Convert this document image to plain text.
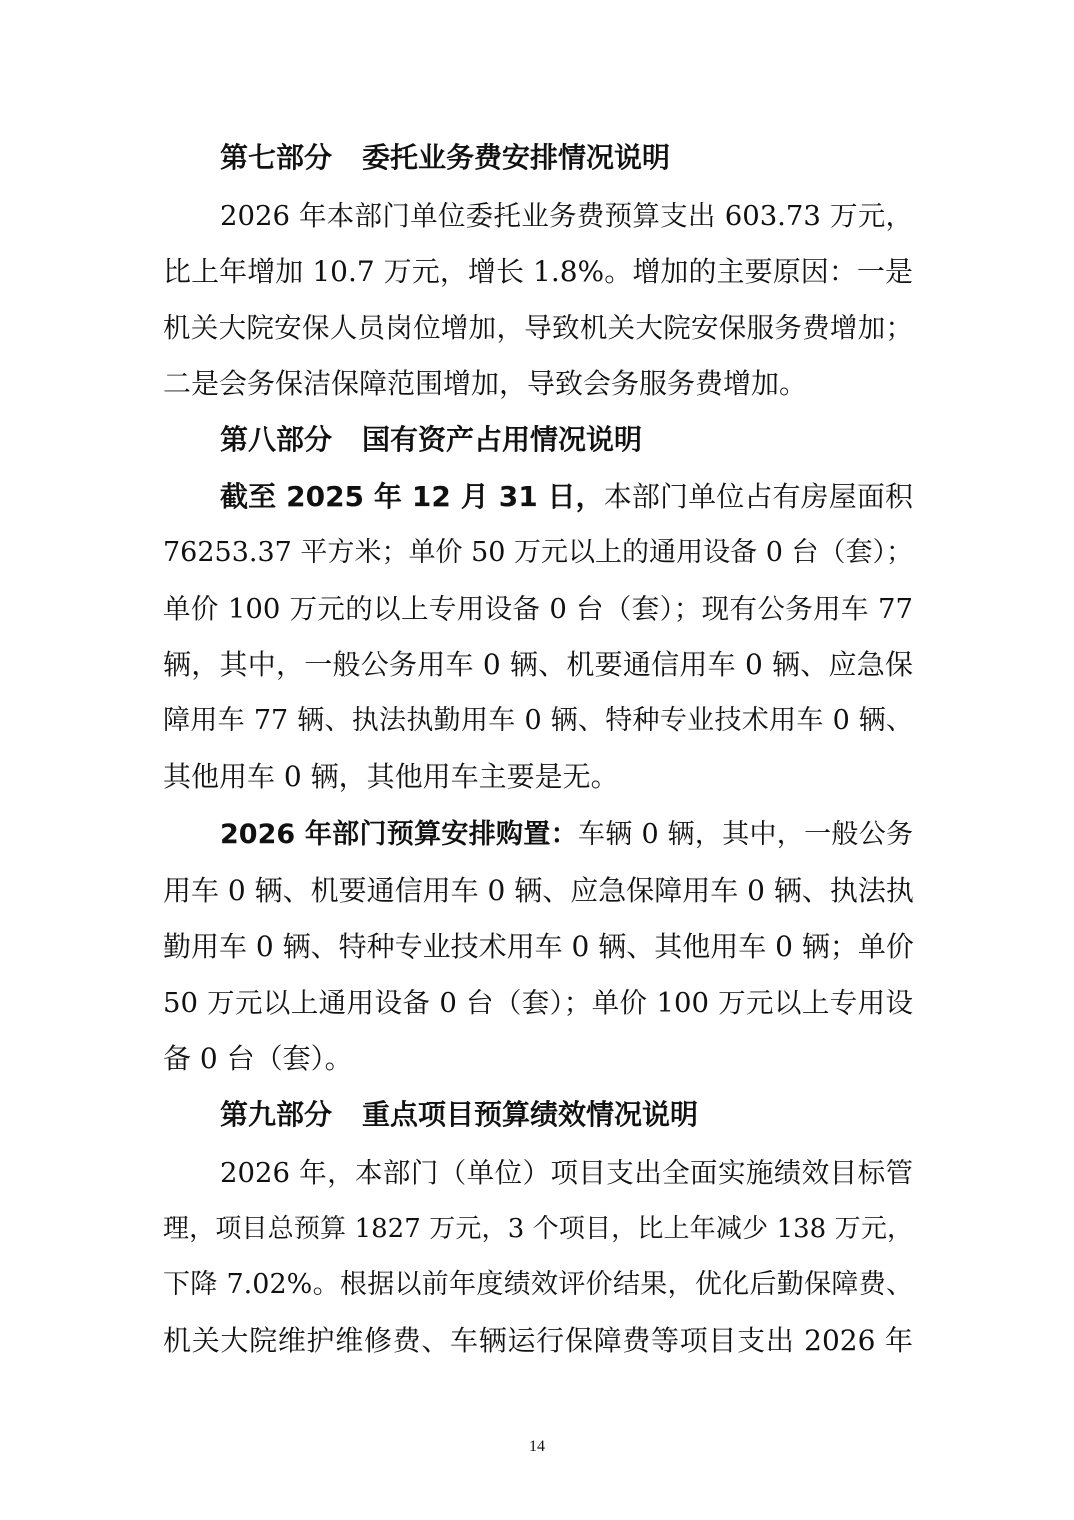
第七部分 委托业务费安排情况说明
2026 年本部门单位委托业务费预算支出 603.73 万元，
比上年增加 10.7 万元，增长 1.8%。增加的主要原因：一是
机关大院安保人员岗位增加，导致机关大院安保服务费增加；
二是会务保洁保障范围增加，导致会务服务费增加。
第八部分 国有资产占用情况说明
截至 2025 年 12 月 31 日，本部门单位占有房屋面积
76253.37 平方米；单价 50 万元以上的通用设备 0 台（套）；
单价 100 万元的以上专用设备 0 台（套）；现有公务用车 77
辆，其中，一般公务用车 0 辆、机要通信用车 0 辆、应急保
障用车 77 辆、执法执勤用车 0 辆、特种专业技术用车 0 辆、
其他用车 0 辆，其他用车主要是无。
2026 年部门预算安排购置：车辆 0 辆，其中，一般公务
用车 0 辆、机要通信用车 0 辆、应急保障用车 0 辆、执法执
勤用车 0 辆、特种专业技术用车 0 辆、其他用车 0 辆；单价
50 万元以上通用设备 0 台（套）；单价 100 万元以上专用设
备 0 台（套）。
第九部分 重点项目预算绩效情况说明
2026 年，本部门（单位）项目支出全面实施绩效目标管
理，项目总预算 1827 万元，3 个项目，比上年减少 138 万元，
下降 7.02%。根据以前年度绩效评价结果，优化后勤保障费、
机关大院维护维修费、车辆运行保障费等项目支出 2026 年
14
